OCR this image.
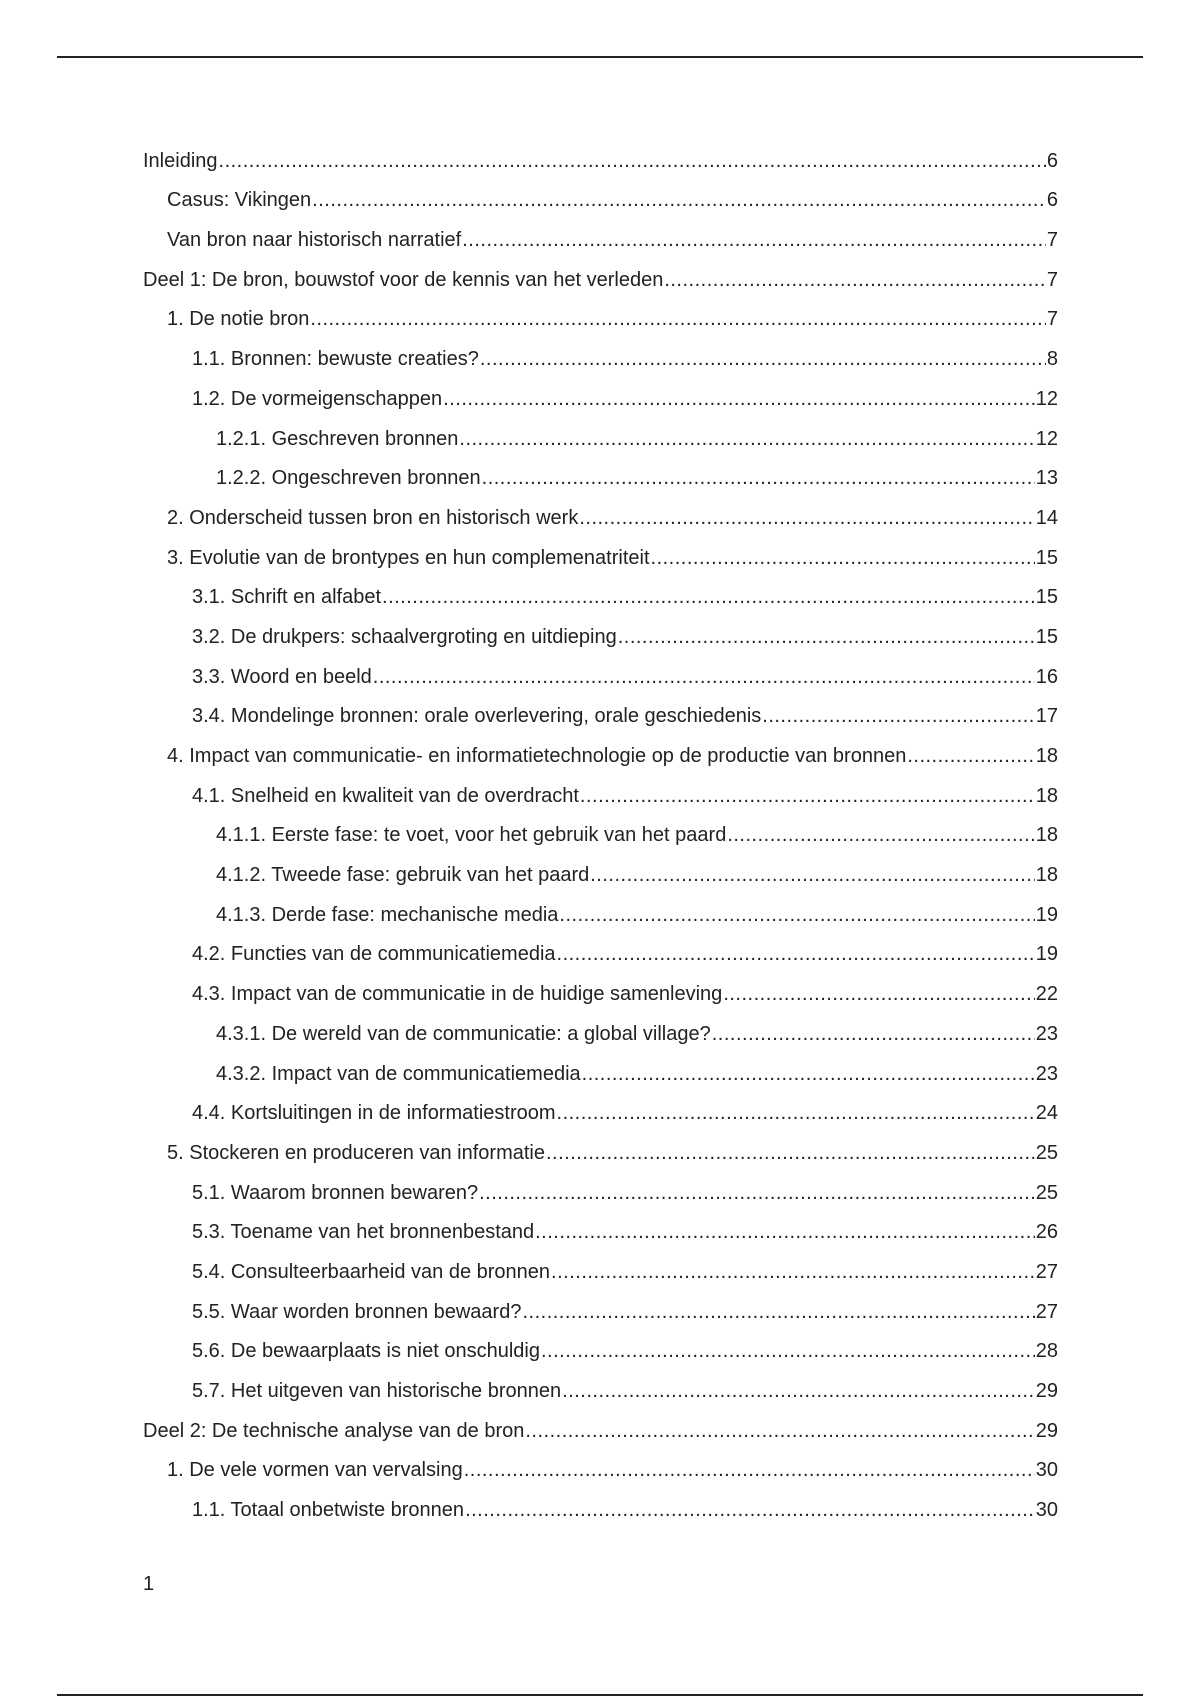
Inleiding .....	6
Casus: Vikingen .....	6
Van bron naar historisch narratief .....	7
Deel 1: De bron, bouwstof voor de kennis van het verleden .....	7
1. De notie bron .....	7
1.1. Bronnen: bewuste creaties? .....	8
1.2. De vormeigenschappen .....	12
1.2.1. Geschreven bronnen .....	12
1.2.2. Ongeschreven bronnen .....	13
2. Onderscheid tussen bron en historisch werk .....	14
3. Evolutie van de brontypes en hun complemenatriteit .....	15
3.1. Schrift en alfabet .....	15
3.2. De drukpers: schaalvergroting en uitdieping .....	15
3.3. Woord en beeld .....	16
3.4. Mondelinge bronnen: orale overlevering, orale geschiedenis .....	17
4. Impact van communicatie- en informatietechnologie op de productie van bronnen .....	18
4.1. Snelheid en kwaliteit van de overdracht .....	18
4.1.1. Eerste fase: te voet, voor het gebruik van het paard .....	18
4.1.2. Tweede fase: gebruik van het paard .....	18
4.1.3. Derde fase: mechanische media .....	19
4.2. Functies van de communicatiemedia .....	19
4.3. Impact van de communicatie in de huidige samenleving .....	22
4.3.1. De wereld van de communicatie: a global village? .....	23
4.3.2. Impact van de communicatiemedia .....	23
4.4. Kortsluitingen in de informatiestroom .....	24
5. Stockeren en produceren van informatie .....	25
5.1. Waarom bronnen bewaren? .....	25
5.3. Toename van het bronnenbestand .....	26
5.4. Consulteerbaarheid van de bronnen .....	27
5.5. Waar worden bronnen bewaard? .....	27
5.6. De bewaarplaats is niet onschuldig .....	28
5.7. Het uitgeven van historische bronnen .....	29
Deel 2: De technische analyse van de bron .....	29
1. De vele vormen van vervalsing .....	30
1.1. Totaal onbetwiste bronnen .....	30
1
